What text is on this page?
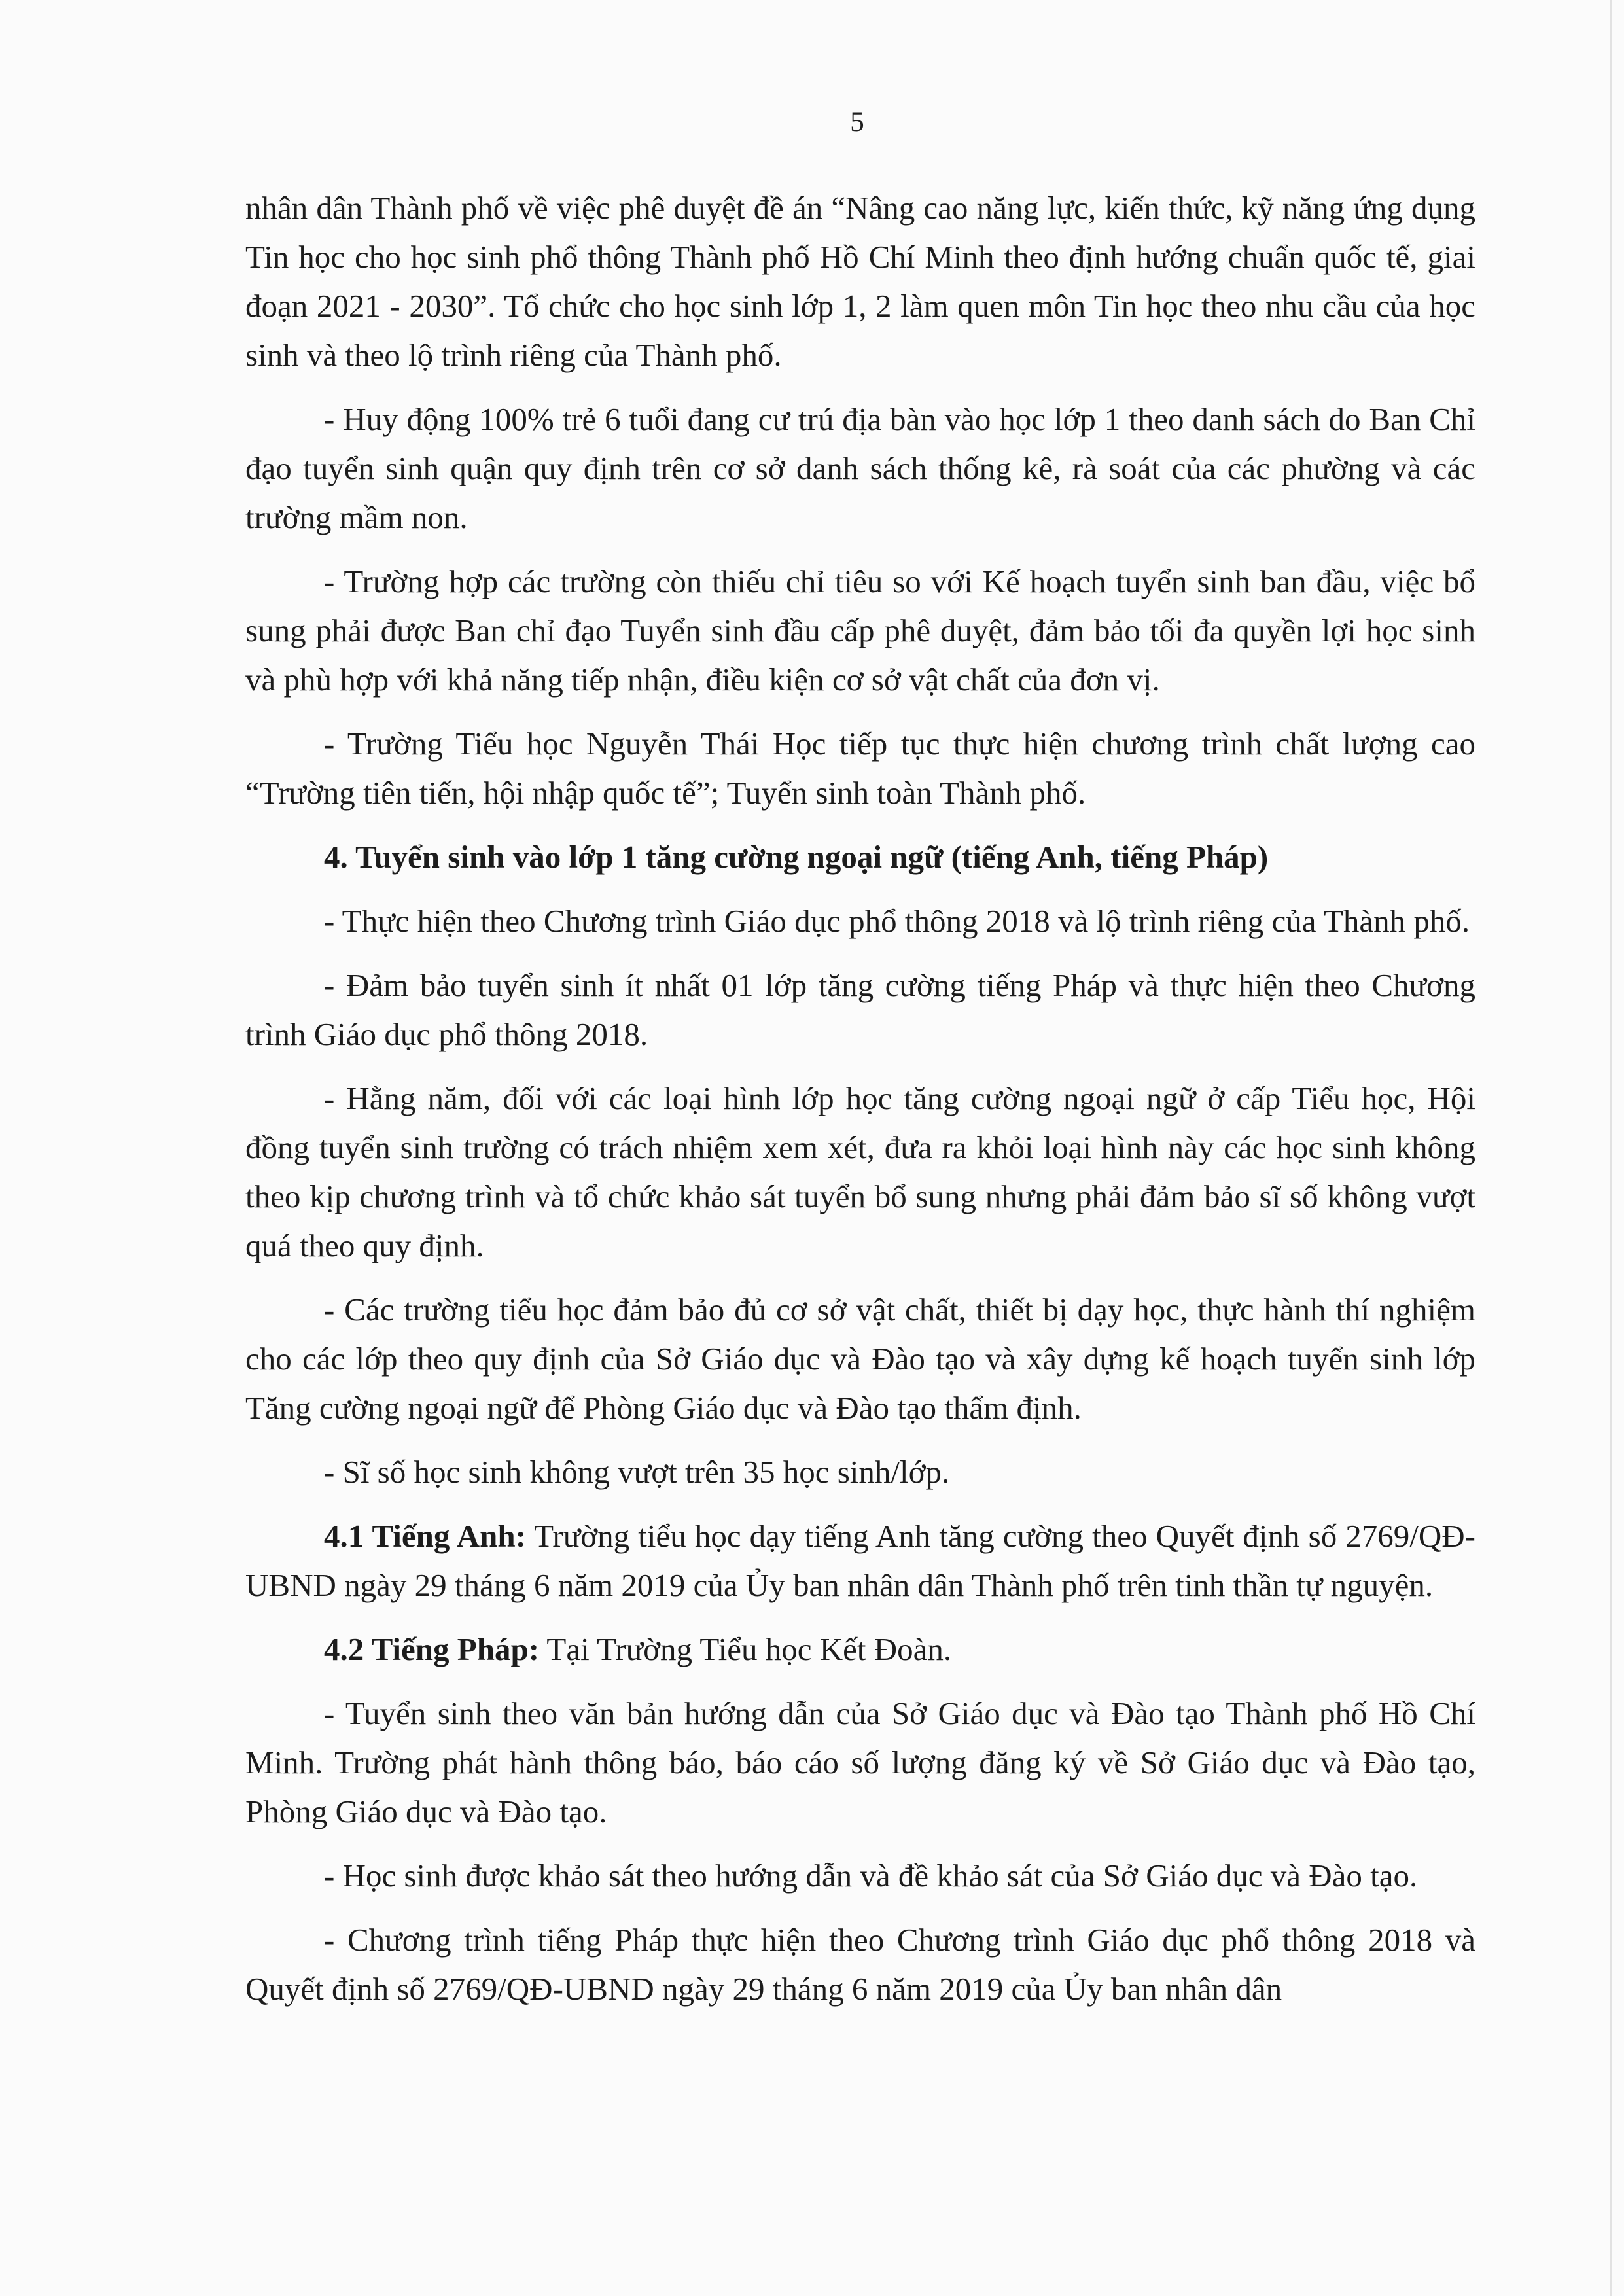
5

nhân dân Thành phố về việc phê duyệt đề án “Nâng cao năng lực, kiến thức, kỹ năng ứng dụng Tin học cho học sinh phổ thông Thành phố Hồ Chí Minh theo định hướng chuẩn quốc tế, giai đoạn 2021 - 2030”. Tổ chức cho học sinh lớp 1, 2 làm quen môn Tin học theo nhu cầu của học sinh và theo lộ trình riêng của Thành phố.

- Huy động 100% trẻ 6 tuổi đang cư trú địa bàn vào học lớp 1 theo danh sách do Ban Chỉ đạo tuyển sinh quận quy định trên cơ sở danh sách thống kê, rà soát của các phường và các trường mầm non.

- Trường hợp các trường còn thiếu chỉ tiêu so với Kế hoạch tuyển sinh ban đầu, việc bổ sung phải được Ban chỉ đạo Tuyển sinh đầu cấp phê duyệt, đảm bảo tối đa quyền lợi học sinh và phù hợp với khả năng tiếp nhận, điều kiện cơ sở vật chất của đơn vị.

- Trường Tiểu học Nguyễn Thái Học tiếp tục thực hiện chương trình chất lượng cao “Trường tiên tiến, hội nhập quốc tế”; Tuyển sinh toàn Thành phố.

4. Tuyển sinh vào lớp 1 tăng cường ngoại ngữ (tiếng Anh, tiếng Pháp)

- Thực hiện theo Chương trình Giáo dục phổ thông 2018 và lộ trình riêng của Thành phố.

- Đảm bảo tuyển sinh ít nhất 01 lớp tăng cường tiếng Pháp và thực hiện theo Chương trình Giáo dục phổ thông 2018.

- Hằng năm, đối với các loại hình lớp học tăng cường ngoại ngữ ở cấp Tiểu học, Hội đồng tuyển sinh trường có trách nhiệm xem xét, đưa ra khỏi loại hình này các học sinh không theo kịp chương trình và tổ chức khảo sát tuyển bổ sung nhưng phải đảm bảo sĩ số không vượt quá theo quy định.

- Các trường tiểu học đảm bảo đủ cơ sở vật chất, thiết bị dạy học, thực hành thí nghiệm cho các lớp theo quy định của Sở Giáo dục và Đào tạo và xây dựng kế hoạch tuyển sinh lớp Tăng cường ngoại ngữ để Phòng Giáo dục và Đào tạo thẩm định.

- Sĩ số học sinh không vượt trên 35 học sinh/lớp.

4.1 Tiếng Anh: Trường tiểu học dạy tiếng Anh tăng cường theo Quyết định số 2769/QĐ-UBND ngày 29 tháng 6 năm 2019 của Ủy ban nhân dân Thành phố trên tinh thần tự nguyện.

4.2 Tiếng Pháp: Tại Trường Tiểu học Kết Đoàn.

- Tuyển sinh theo văn bản hướng dẫn của Sở Giáo dục và Đào tạo Thành phố Hồ Chí Minh. Trường phát hành thông báo, báo cáo số lượng đăng ký về Sở Giáo dục và Đào tạo, Phòng Giáo dục và Đào tạo.

- Học sinh được khảo sát theo hướng dẫn và đề khảo sát của Sở Giáo dục và Đào tạo.

- Chương trình tiếng Pháp thực hiện theo Chương trình Giáo dục phổ thông 2018 và Quyết định số 2769/QĐ-UBND ngày 29 tháng 6 năm 2019 của Ủy ban nhân dân
